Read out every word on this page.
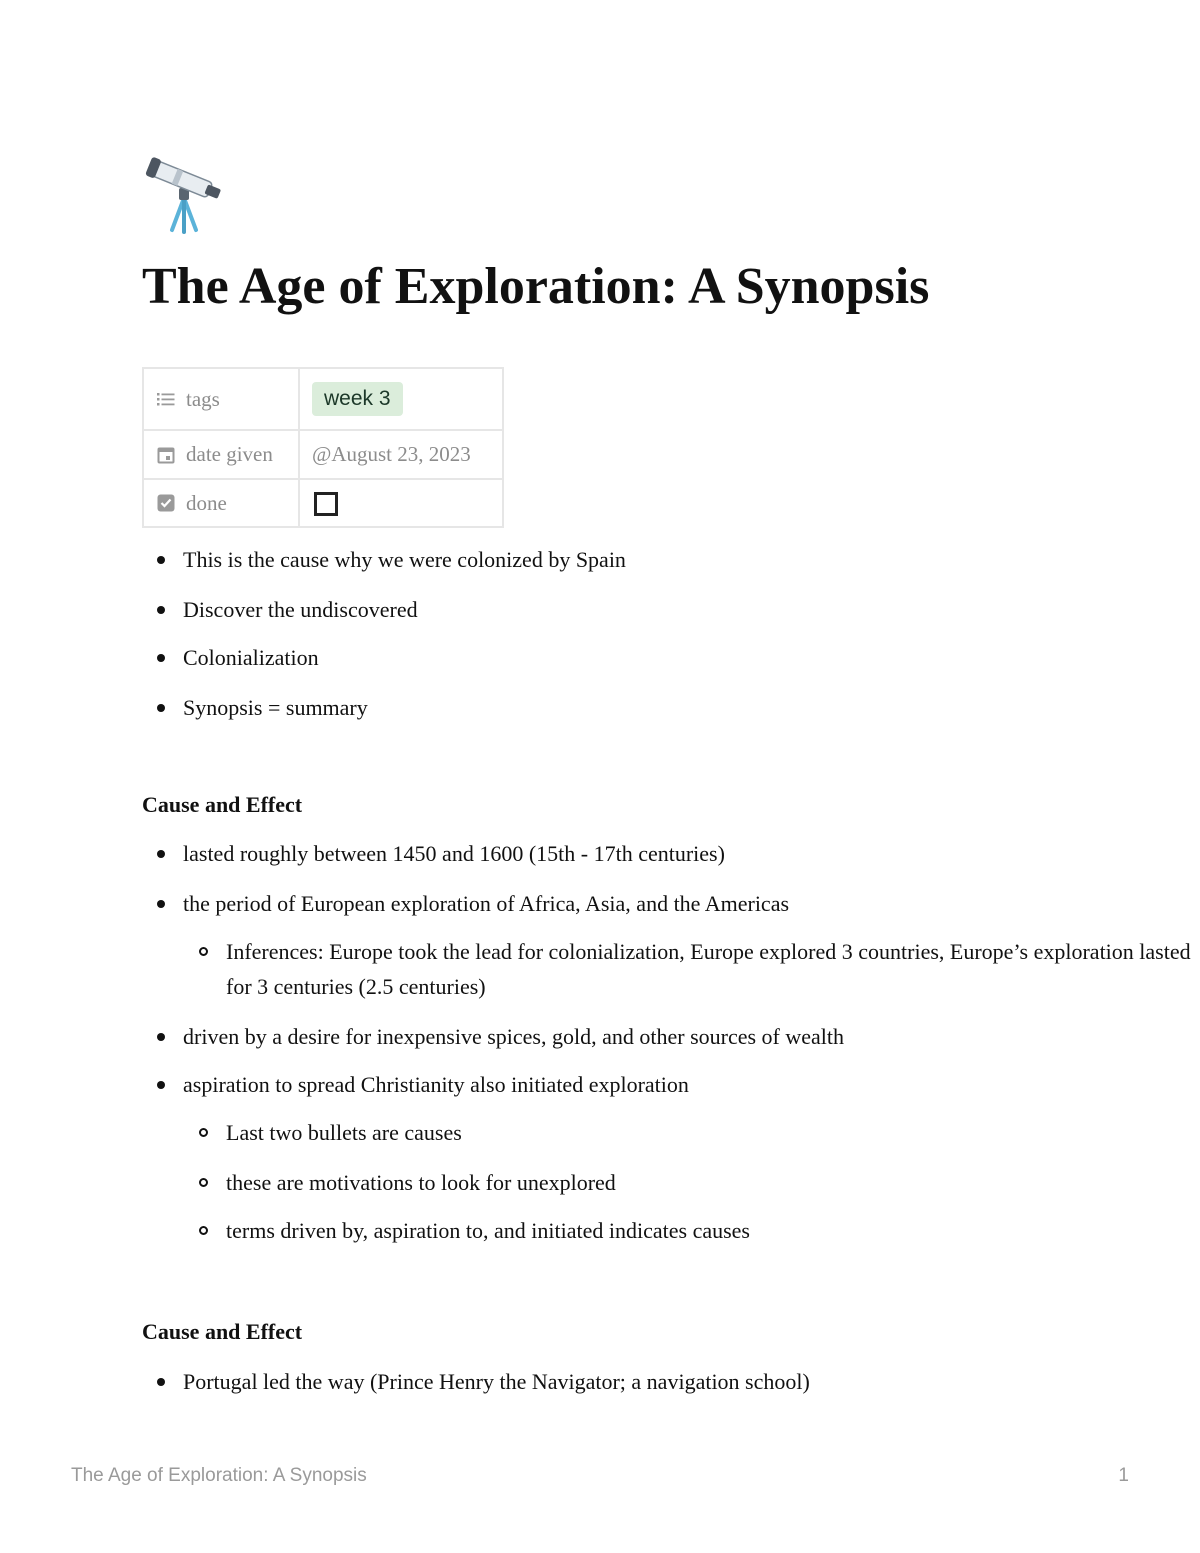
The Age of Exploration: A Synopsis
tags	week 3

date given	@August 23, 2023

done	

This is the cause why we were colonized by Spain
Discover the undiscovered
Colonialization
Synopsis = summary
Cause and Effect
lasted roughly between 1450 and 1600 (15th - 17th centuries)
the period of European exploration of Africa, Asia, and the Americas
Inferences: Europe took the lead for colonialization, Europe explored 3 countries, Europe’s exploration lasted for 3 centuries (2.5 centuries)
driven by a desire for inexpensive spices, gold, and other sources of wealth
aspiration to spread Christianity also initiated exploration
Last two bullets are causes
these are motivations to look for unexplored
terms driven by, aspiration to, and initiated indicates causes
Cause and Effect
Portugal led the way (Prince Henry the Navigator; a navigation school)
The Age of Exploration: A Synopsis	1
